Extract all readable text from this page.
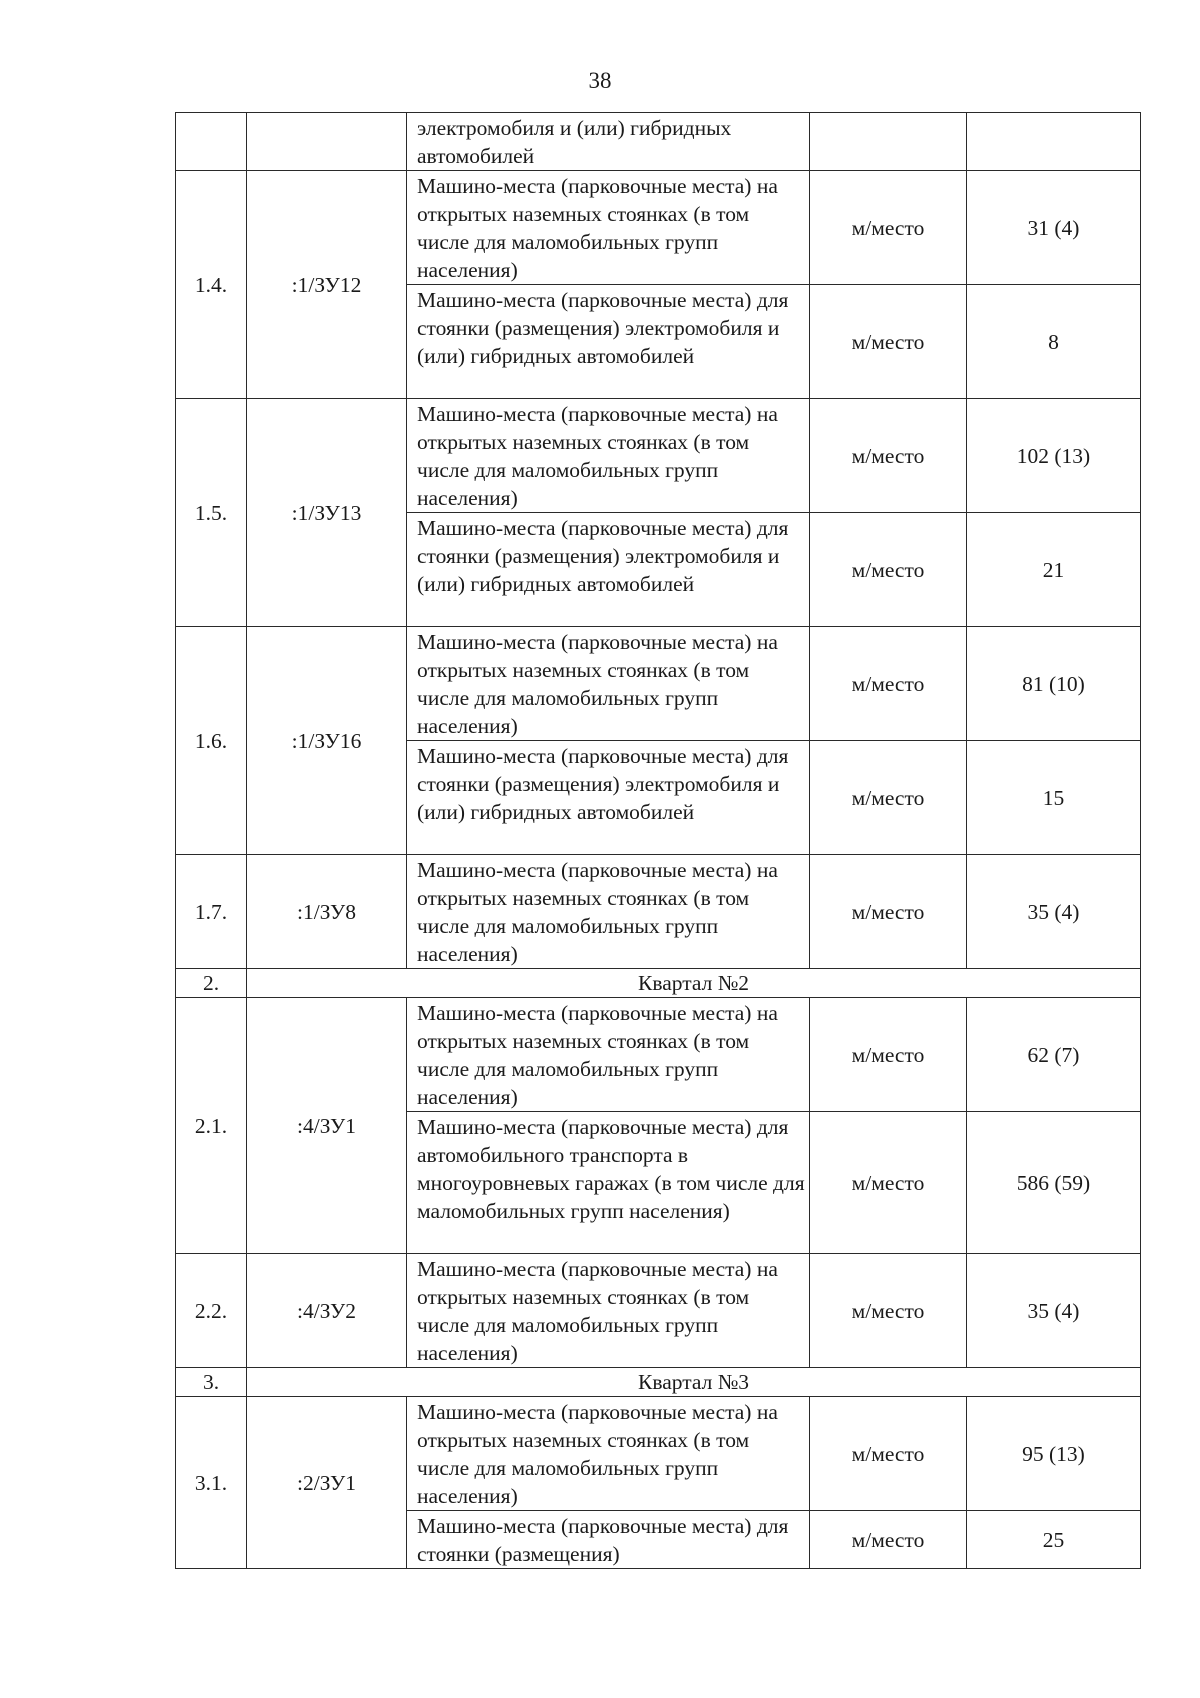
38
		электромобиля и (или) гибридных автомобилей		
1.4.	:1/ЗУ12	Машино-места (парковочные места) на открытых наземных стоянках (в том числе для маломобильных групп населения)	м/место	31 (4)
		Машино-места (парковочные места) для стоянки (размещения) электромобиля и (или) гибридных автомобилей	м/место	8
1.5.	:1/ЗУ13	Машино-места (парковочные места) на открытых наземных стоянках (в том числе для маломобильных групп населения)	м/место	102 (13)
		Машино-места (парковочные места) для стоянки (размещения) электромобиля и (или) гибридных автомобилей	м/место	21
1.6.	:1/ЗУ16	Машино-места (парковочные места) на открытых наземных стоянках (в том числе для маломобильных групп населения)	м/место	81 (10)
		Машино-места (парковочные места) для стоянки (размещения) электромобиля и (или) гибридных автомобилей	м/место	15
1.7.	:1/ЗУ8	Машино-места (парковочные места) на открытых наземных стоянках (в том числе для маломобильных групп населения)	м/место	35 (4)
2.	Квартал №2			
2.1.	:4/ЗУ1	Машино-места (парковочные места) на открытых наземных стоянках (в том числе для маломобильных групп населения)	м/место	62 (7)
		Машино-места (парковочные места) для автомобильного транспорта в многоуровневых гаражах (в том числе для маломобильных групп населения)	м/место	586 (59)
2.2.	:4/ЗУ2	Машино-места (парковочные места) на открытых наземных стоянках (в том числе для маломобильных групп населения)	м/место	35 (4)
3.	Квартал №3			
3.1.	:2/ЗУ1	Машино-места (парковочные места) на открытых наземных стоянках (в том числе для маломобильных групп населения)	м/место	95 (13)
		Машино-места (парковочные места) для стоянки (размещения)	м/место	25
